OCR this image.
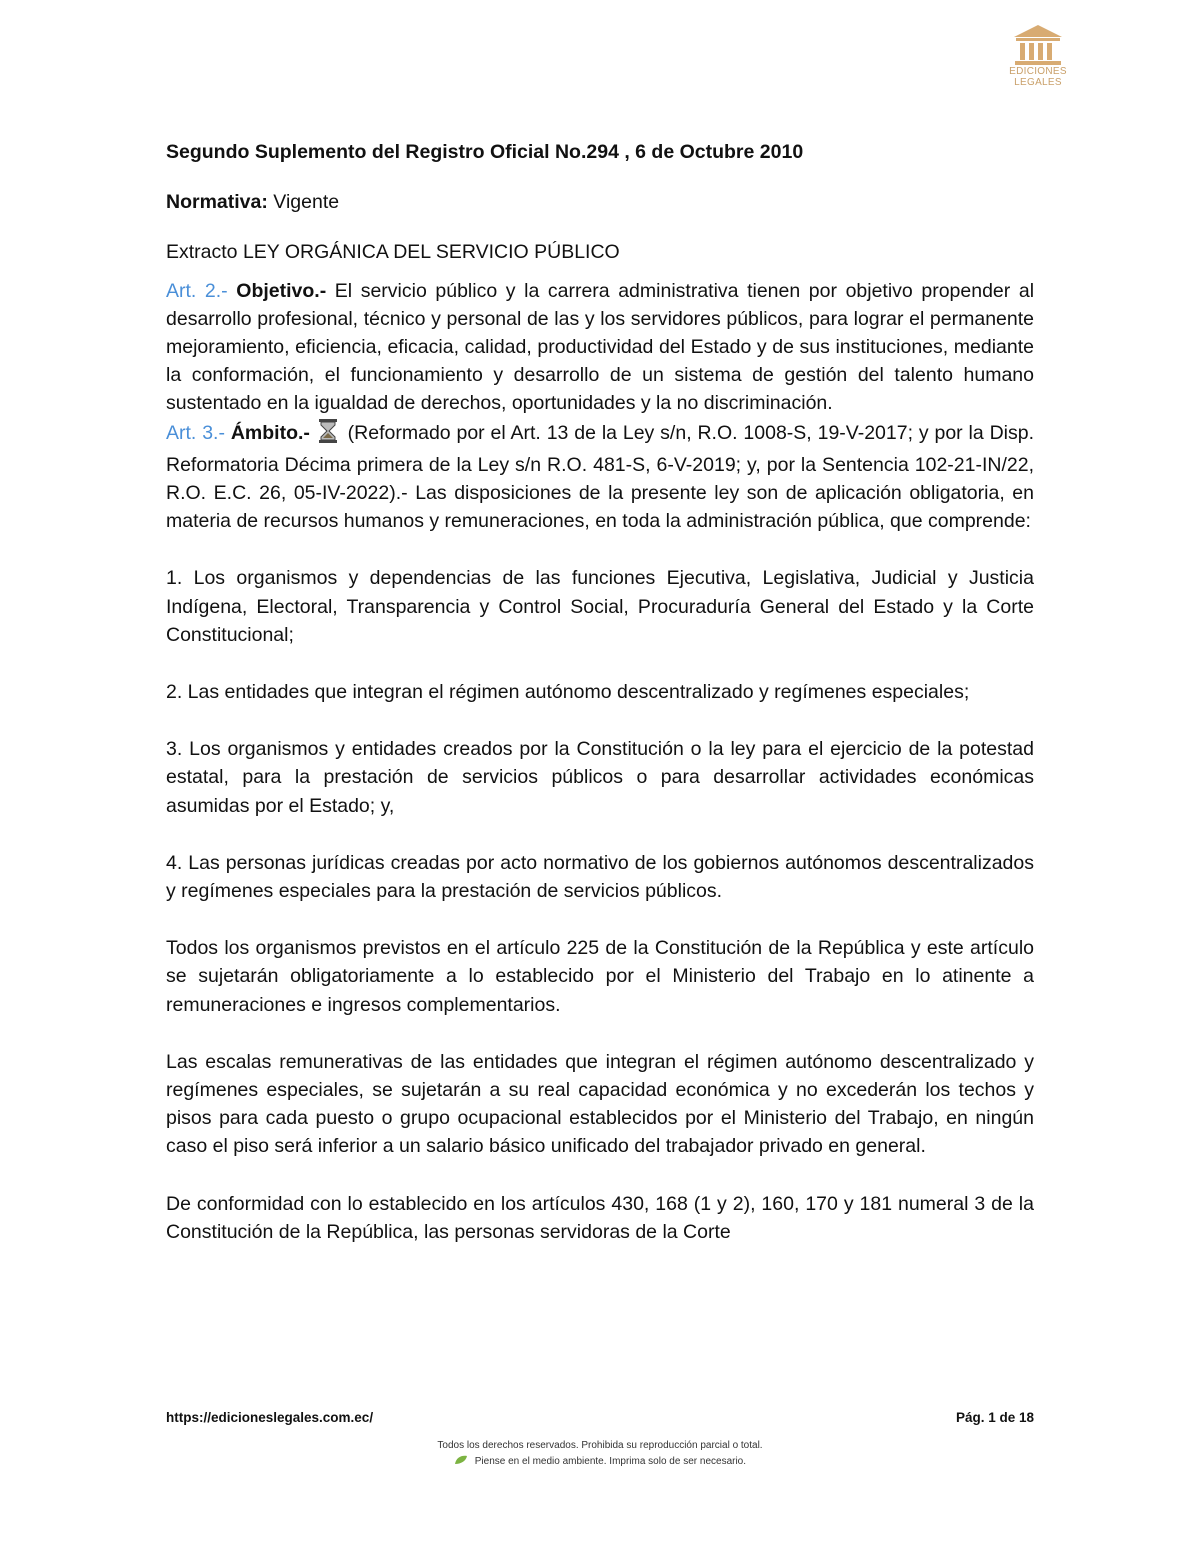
EDICIONES
LEGALES

Segundo Suplemento del Registro Oficial No.294 , 6 de Octubre 2010

Normativa: Vigente

Extracto LEY ORGÁNICA DEL SERVICIO PÚBLICO

Art. 2.- Objetivo.- El servicio público y la carrera administrativa tienen por objetivo propender al desarrollo profesional, técnico y personal de las y los servidores públicos, para lograr el permanente mejoramiento, eficiencia, eficacia, calidad, productividad del Estado y de sus instituciones, mediante la conformación, el funcionamiento y desarrollo de un sistema de gestión del talento humano sustentado en la igualdad de derechos, oportunidades y la no discriminación.

Art. 3.- Ámbito.- (Reformado por el Art. 13 de la Ley s/n, R.O. 1008-S, 19-V-2017; y por la Disp. Reformatoria Décima primera de la Ley s/n R.O. 481-S, 6-V-2019; y, por la Sentencia 102-21-IN/22, R.O. E.C. 26, 05-IV-2022).- Las disposiciones de la presente ley son de aplicación obligatoria, en materia de recursos humanos y remuneraciones, en toda la administración pública, que comprende:

1. Los organismos y dependencias de las funciones Ejecutiva, Legislativa, Judicial y Justicia Indígena, Electoral, Transparencia y Control Social, Procuraduría General del Estado y la Corte Constitucional;

2. Las entidades que integran el régimen autónomo descentralizado y regímenes especiales;

3. Los organismos y entidades creados por la Constitución o la ley para el ejercicio de la potestad estatal, para la prestación de servicios públicos o para desarrollar actividades económicas asumidas por el Estado; y,

4. Las personas jurídicas creadas por acto normativo de los gobiernos autónomos descentralizados y regímenes especiales para la prestación de servicios públicos.

Todos los organismos previstos en el artículo 225 de la Constitución de la República y este artículo se sujetarán obligatoriamente a lo establecido por el Ministerio del Trabajo en lo atinente a remuneraciones e ingresos complementarios.

Las escalas remunerativas de las entidades que integran el régimen autónomo descentralizado y regímenes especiales, se sujetarán a su real capacidad económica y no excederán los techos y pisos para cada puesto o grupo ocupacional establecidos por el Ministerio del Trabajo, en ningún caso el piso será inferior a un salario básico unificado del trabajador privado en general.

De conformidad con lo establecido en los artículos 430, 168 (1 y 2), 160, 170 y 181 numeral 3 de la Constitución de la República, las personas servidoras de la Corte

https://edicioneslegales.com.ec/	Pág. 1 de 18
Todos los derechos reservados. Prohibida su reproducción parcial o total.
Piense en el medio ambiente. Imprima solo de ser necesario.
